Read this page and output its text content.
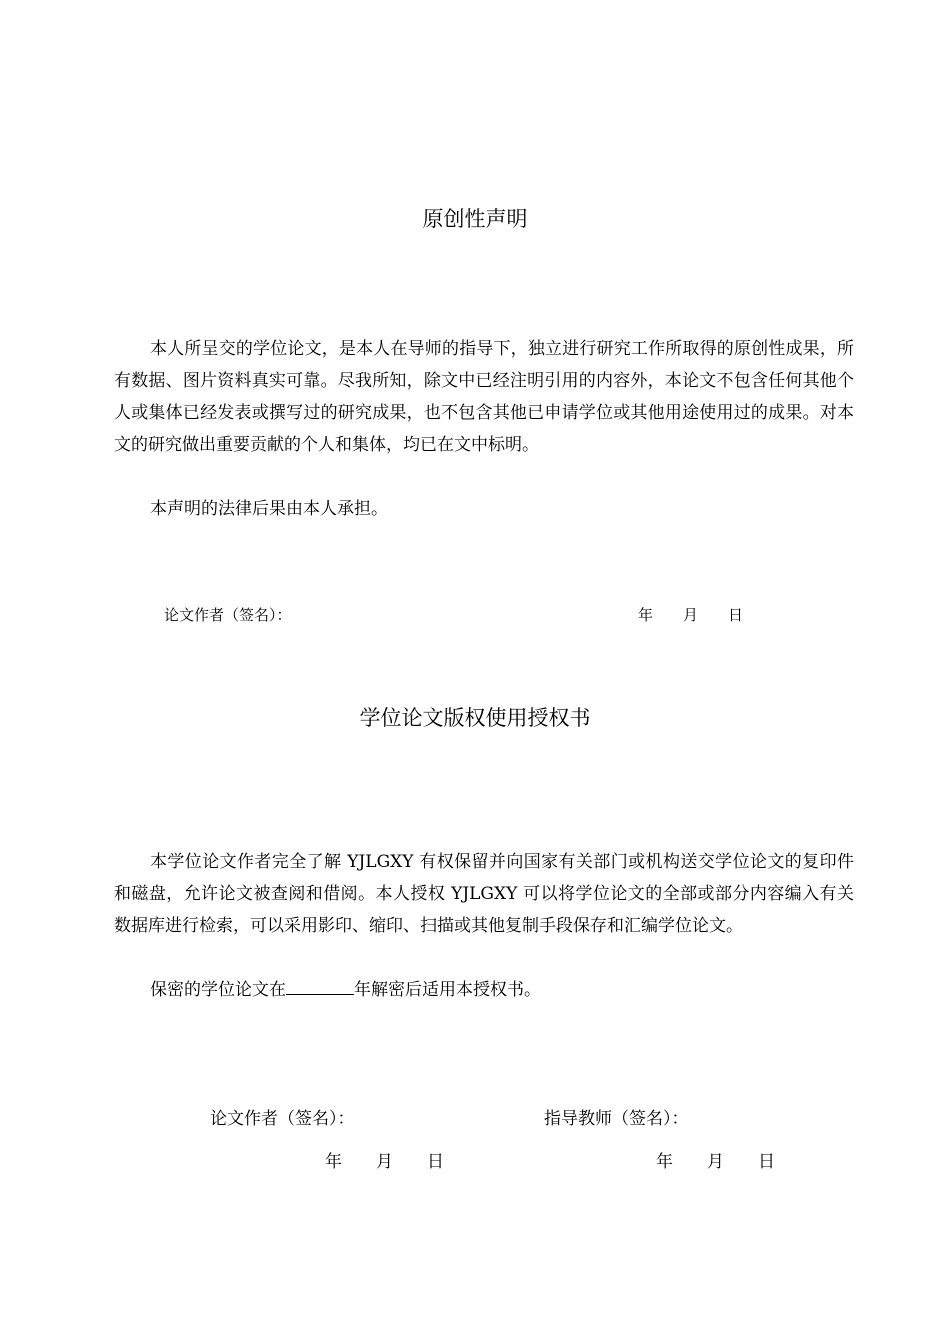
原创性声明
本人所呈交的学位论文，是本人在导师的指导下，独立进行研究工作所取得的原创性成果，所有数据、图片资料真实可靠。尽我所知，除文中已经注明引用的内容外，本论文不包含任何其他个人或集体已经发表或撰写过的研究成果，也不包含其他已申请学位或其他用途使用过的成果。对本文的研究做出重要贡献的个人和集体，均已在文中标明。
本声明的法律后果由本人承担。
论文作者（签名）：	年　　月　　日
学位论文版权使用授权书
本学位论文作者完全了解 YJLGXY 有权保留并向国家有关部门或机构送交学位论文的复印件和磁盘，允许论文被查阅和借阅。本人授权 YJLGXY 可以将学位论文的全部或部分内容编入有关数据库进行检索，可以采用影印、缩印、扫描或其他复制手段保存和汇编学位论文。
保密的学位论文在	年解密后适用本授权书。
论文作者（签名）：	指导教师（签名）：
年　　月　　日	年　　月　　日
